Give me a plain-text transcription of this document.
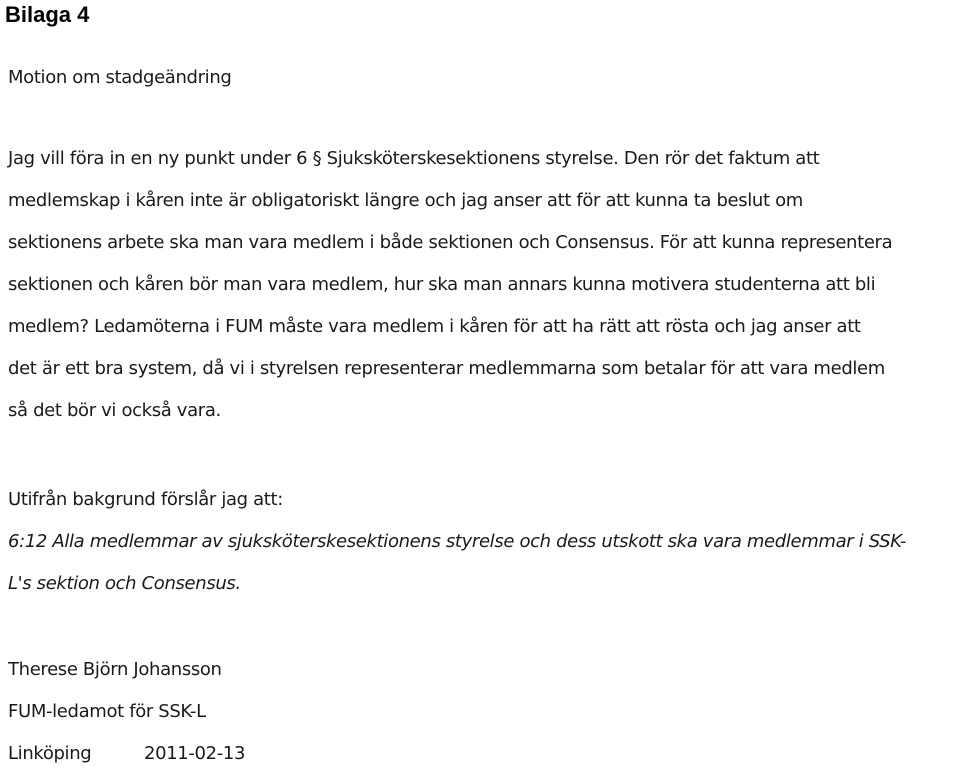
Bilaga 4
Motion om stadgeändring
Jag vill föra in en ny punkt under 6 § Sjuksköterskesektionens styrelse. Den rör det faktum att
medlemskap i kåren inte är obligatoriskt längre och jag anser att för att kunna ta beslut om
sektionens arbete ska man vara medlem i både sektionen och Consensus. För att kunna representera
sektionen och kåren bör man vara medlem, hur ska man annars kunna motivera studenterna att bli
medlem? Ledamöterna i FUM måste vara medlem i kåren för att ha rätt att rösta och jag anser att
det är ett bra system, då vi i styrelsen representerar medlemmarna som betalar för att vara medlem
så det bör vi också vara.
Utifrån bakgrund förslår jag att:
6:12 Alla medlemmar av sjuksköterskesektionens styrelse och dess utskott ska vara medlemmar i SSK-
L's sektion och Consensus.
Therese Björn Johansson
FUM-ledamot för SSK-L
Linköping	2011-02-13
